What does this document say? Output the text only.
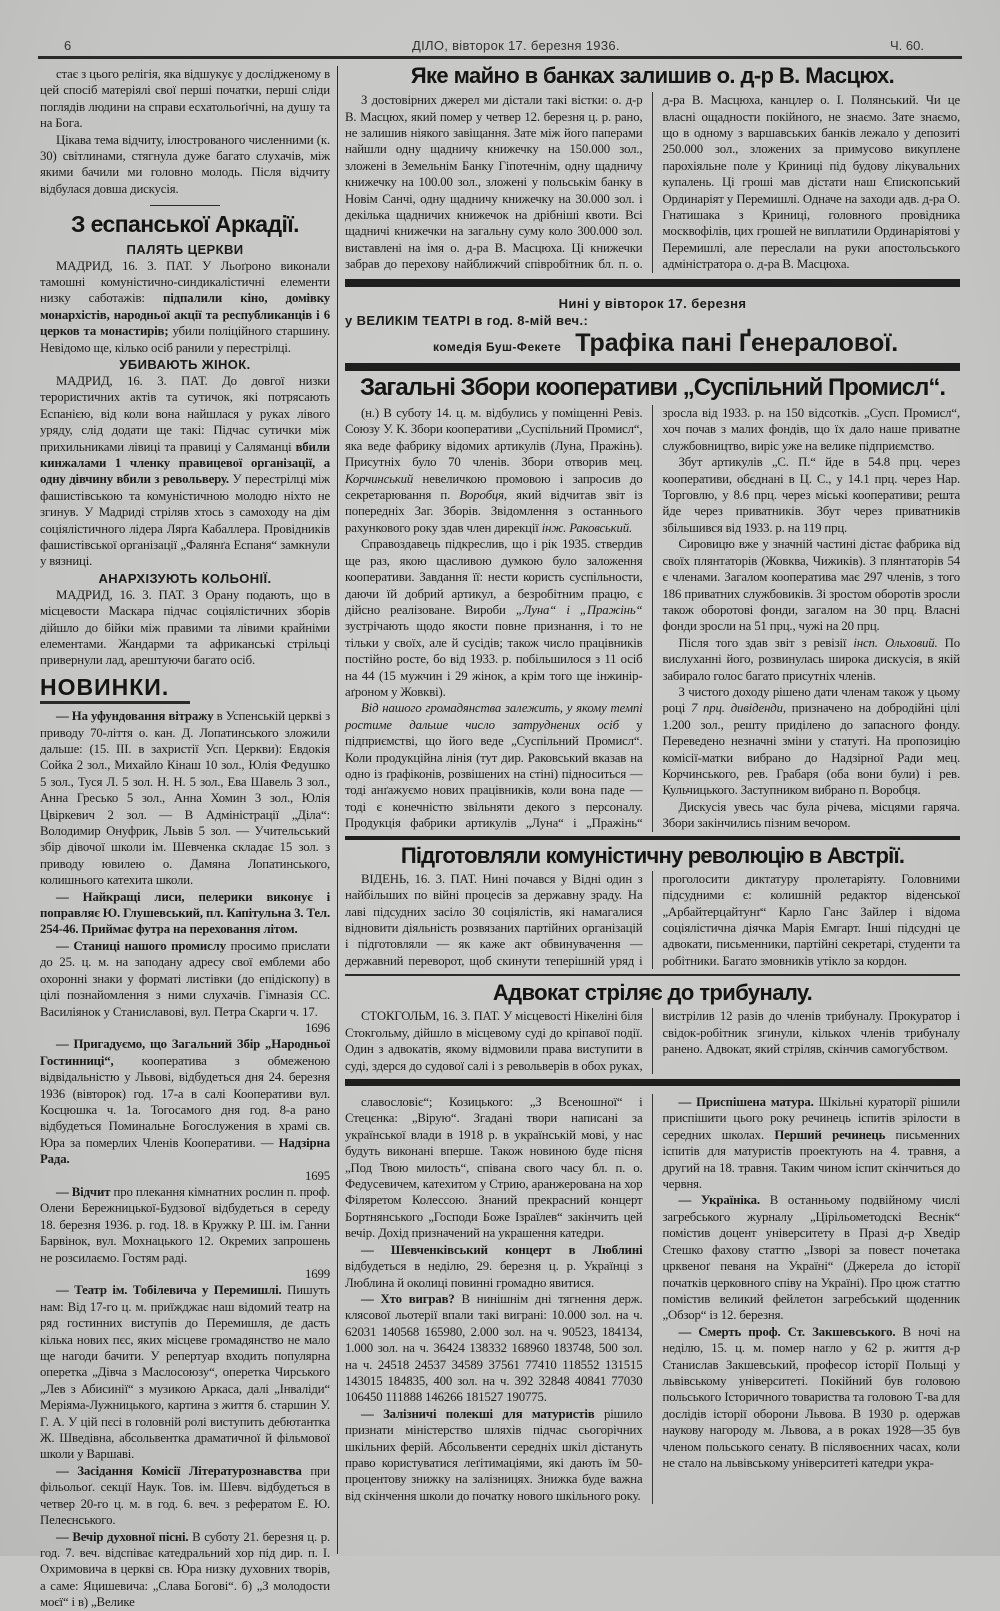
6	ДІЛО, вівторок 17. березня 1936.	Ч. 60.

стає з цього релігія, яка відшукує у дослідженому в цей спосіб матеріялі свої перші початки, перші сліди поглядів людини на справи есхатольоґічні, на душу та на Бога.

Цікава тема відчиту, ілюстрованого численними (к. 30) світлинами, стягнула дуже багато слухачів, між якими бачили ми головно молодь. Після відчиту відбулася довша дискусія.

З еспанської Аркадії.
ПАЛЯТЬ ЦЕРКВИ

МАДРИД, 16. 3. ПАТ. У Льоґроно виконали тамошні комуністично-синдикалістичні елементи низку саботажів: підпалили кіно, домівку монархістів, народньої акції та республиканців і 6 церков та монастирів; убили поліційного старшину. Невідомо ще, кілько осіб ранили у перестрілці.

УБИВАЮТЬ ЖІНОК.

МАДРИД, 16. 3. ПАТ. До довгої низки терористичних актів та сутичок, які потрясають Еспанією, від коли вона найшлася у руках лівого уряду, слід додати ще такі: Підчас сутички між прихильниками лівиці та правиці у Саляманці вбили кинжалами 1 членку правицевої організації, а одну дівчину вбили з револьверу. У перестрілці між фашистівською та комуністичною молодю ніхто не згинув. У Мадриді стріляв хтось з самоходу на дім соціялістичного лідера Лярґа Кабаллера. Провідників фашистівської організації „Фалянґа Еспаня“ замкнули у вязниці.

АНАРХІЗУЮТЬ КОЛЬОНІЇ.

МАДРИД, 16. 3. ПАТ. З Орану подають, що в місцевости Маскара підчас соціялістичних зборів дійшло до бійки між правими та лівими крайніми елементами. Жандарми та африканські стрільці привернули лад, арештуючи багато осіб.

НОВИНКИ.

— На уфундовання вітражу в Успенській церкві з приводу 70-ліття о. кан. Д. Лопатинського зложили дальше: (15. ІІІ. в захристії Усп. Церкви): Евдокія Сойка 2 зол., Михайло Кінаш 10 зол., Юлія Федушко 5 зол., Туся Л. 5 зол. Н. Н. 5 зол., Ева Шавель 3 зол., Анна Гресько 5 зол., Анна Хомин 3 зол., Юлія Цвіркевич 2 зол. — В Адміністрації „Діла“: Володимир Онуфрик, Львів 5 зол. — Учительський збір дівочої школи ім. Шевченка складає 15 зол. з приводу ювилею о. Дамяна Лопатинського, колишнього катехита школи.

— Найкращі лиси, пелерики виконує і поправляє Ю. Глушевський, пл. Капітульна 3. Тел. 254-46. Приймає футра на переховання літом.

— Станиці нашого промислу просимо прислати до 25. ц. м. на заподану адресу свої емблеми або охоронні знаки у форматі листівки (до епідіскопу) в цілі познайомлення з ними слухачів. Гімназія СС. Василіянок у Станиславові, вул. Петра Скарги ч. 17.
1696

— Пригадуємо, що Загальний Збір „Народньої Гостинниці“, кооператива з обмеженою відвідальністю у Львові, відбудеться дня 24. березня 1936 (вівторок) год. 17-а в салі Кооперативи вул. Косцюшка ч. 1а. Тогосамого дня год. 8-а рано відбудеться Поминальне Богослужения в храмі св. Юра за померлих Членів Кооперативи. — Надзірна Рада.
1695

— Відчит про плекання кімнатних рослин п. проф. Олени Бережницької-Будзової відбудеться в середу 18. березня 1936. р. год. 18. в Кружку Р. Ш. ім. Ганни Барвінок, вул. Мохнацького 12. Окремих запрошень не розсилаємо. Гостям раді.
1699

— Театр ім. Тобілевича у Перемишлі. Пишуть нам: Від 17-го ц. м. приїжджає наш відомий театр на ряд гостинних виступів до Перемишля, де дасть кілька нових пєс, яких місцеве громадянство не мало ще нагоди бачити. У репертуар входить популярна оперетка „Дівча з Маслосоюзу“, оперетка Чирського „Лев з Абисинії“ з музикою Аркаса, далі „Інваліди“ Меріяма-Лужницького, картина з життя б. старшин У. Г. А. У цій пєсі в головній ролі виступить дебютантка Ж. Шведівна, абсольвентка драматичної й фільмової школи у Варшаві.

— Засідання Комісії Літературознавства при фільольоґ. секції Наук. Тов. ім. Шевч. відбудеться в четвер 20-го ц. м. в год. 6. веч. з рефератом Е. Ю. Пелеєнського.

— Вечір духовної пісні. В суботу 21. березня ц. р. год. 7. веч. відспіває катедральний хор під дир. п. І. Охримовича в церкві св. Юра низку духовних творів, а саме: Яцишевича: „Слава Богові“. б) „З молодости моєї“ і в) „Велике

Яке майно в банках залишив о. д-р В. Масцюх.

З достовірних джерел ми дістали такі вістки: о. д-р В. Масцюх, який помер у четвер 12. березня ц. р. рано, не залишив ніякого завіщання. Зате між його паперами найшли одну щадничу книжечку на 150.000 зол., зложені в Земельнім Банку Гіпотечнім, одну щадничу книжечку на 100.00 зол., зложені у польськім банку в Новім Санчі, одну щадничу книжечку на 30.000 зол. і декілька щадничих книжечок на дрібніші квоти. Всі щадничі книжечки на загальну суму коло 300.000 зол. виставлені на імя о. д-ра В. Масцюха. Ці книжечки забрав до перехову найближчий співробітник бл. п. о. д-ра В. Масцюха, канцлер о. І. Полянський. Чи це власні ощадности покійного, не знаємо. Зате знаємо, що в одному з варшавських банків лежало у депозиті 250.000 зол., зложених за примусово викуплене парохіяльне поле у Криниці під будову лікувальних купалень. Ці гроші мав дістати наш Єпископський Ординаріят у Перемишлі. Одначе на заходи адв. д-ра О. Гнатишака з Криниці, головного провідника москвофілів, цих грошей не виплатили Ординаріятові у Перемишлі, але переслали на руки апостольського адміністратора о. д-ра В. Масцюха.

Нині у вівторок 17. березня
у ВЕЛИКІМ ТЕАТРІ в год. 8-мій веч.:
комедія Буш-Фекете Трафіка пані Ґенералової.
Загальні Збори кооперативи „Суспільний Промисл“.

(н.) В суботу 14. ц. м. відбулись у поміщенні Ревіз. Союзу У. К. Збори кооперативи „Суспільний Промисл“, яка веде фабрику відомих артикулів (Луна, Пражінь). Присутніх було 70 членів. Збори отворив мец. Корчинський невеличкою промовою і запросив до секретарювання п. Воробця, який відчитав звіт із попередніх Заг. Зборів. Звідомлення з останнього рахункового року здав член дирекції інж. Раковський.

Справоздавець підкреслив, що і рік 1935. ствердив ще раз, якою щасливою думкою було заложення кооперативи. Завдання її: нести користь суспільности, даючи їй добрий артикул, а безробітним працю, є дійсно реалізоване. Вироби „Луна“ і „Пражінь“ зустрічають щодо якости повне признання, і то не тільки у своїх, але й сусідів; також число працівників постійно росте, бо від 1933. р. побільшилося з 11 осіб на 44 (15 мужчин і 29 жінок, а крім того ще інжинір-аґроном у Жовкві).

Від нашого громадянства залежить, у якому темпі ростиме дальше число затруднених осіб у підприємстві, що його веде „Суспільний Промисл“. Коли продукційна лінія (тут дир. Раковський вказав на одно із ґрафіконів, розвішених на стіні) підноситься — тоді анґажуємо нових працівників, коли вона паде — тоді є конечністю звільняти декого з персоналу. Продукція фабрики артикулів „Луна“ і „Пражінь“ зросла від 1933. р. на 150 відсотків. „Сусп. Промисл“, хоч почав з малих фондів, що їх дало наше приватне службовництво, виріс уже на велике підприємство.

Збут артикулів „С. П.“ йде в 54.8 прц. через кооперативи, обєднані в Ц. С., у 14.1 прц. через Нар. Торговлю, у 8.6 прц. через міські кооперативи; решта йде через приватників. Збут через приватників збільшився від 1933. р. на 119 прц.

Сировицю вже у значній частині дістає фабрика від своїх плянтаторів (Жовква, Чижиків). З плянтаторів 54 є членами. Загалом кооператива має 297 членів, з того 186 приватних службовиків. Зі зростом оборотів зросли також оборотові фонди, загалом на 30 прц. Власні фонди зросли на 51 прц., чужі на 20 прц.

Після того здав звіт з ревізії інсп. Ольховий. По вислуханні його, розвинулась широка дискусія, в якій забирало голос багато присутніх членів.

З чистого доходу рішено дати членам також у цьому році 7 прц. дивіденди, призначено на добродійні цілі 1.200 зол., решту приділено до запасного фонду. Переведено незначні зміни у статуті. На пропозицію комісії-матки вибрано до Надзірної Ради мец. Корчинського, рев. Грабаря (оба вони були) і рев. Кульчицького. Заступником вибрано п. Воробця.

Дискусія увесь час була річева, місцями гаряча. Збори закінчились пізним вечором.

Підготовляли комуністичну революцію в Австрії.

ВІДЕНЬ, 16. 3. ПАТ. Нині почався у Відні один з найбільших по війні процесів за державну зраду. На лаві підсудних засіло 30 соціялістів, які намагалися відновити діяльність розвязаних партійних організацій і підготовляли — як каже акт обвинувачення — державний переворот, щоб скинути теперішній уряд і проголосити диктатуру пролетаріяту. Головними підсудними є: колишній редактор віденської „Арбайтерцайтунґ“ Карло Ганс Зайлер і відома соціялістична діячка Марія Емгарт. Інші підсудні це адвокати, письменники, партійні секретарі, студенти та робітники. Багато змовників утікло за кордон.

Адвокат стріляє до трибуналу.

СТОКГОЛЬМ, 16. 3. ПАТ. У місцевості Нікеліні біля Стокгольму, дійшло в місцевому суді до кріпавої події. Один з адвокатів, якому відмовили права виступити в суді, здерся до судової салі і з револьверів в обох руках, вистрілив 12 разів до членів трибуналу. Прокуратор і свідок-робітник згинули, кількох членів трибуналу ранено. Адвокат, який стріляв, скінчив самогубством.

славословіє“; Козицького: „З Всеношної“ і Стецєнка: „Вірую“. Згадані твори написані за української влади в 1918 р. в українській мові, у нас будуть виконані вперше. Також новиною буде пісня „Под Твою милость“, співана свого часу бл. п. о. Федусевичем, катехитом у Стрию, аранжерована на хор Філяретом Колессою. Знаний прекрасний концерт Бортнянського „Господи Боже Ізраїлев“ закінчить цей вечір. Дохід призначений на украшення катедри.

— Шевченківський концерт в Люблині відбудеться в неділю, 29. березня ц. р. Українці з Люблина й околиці повинні громадно явитися.

— Хто виграв? В нинішнім дні тягнення держ. клясової льотерії впали такі виграні: 10.000 зол. на ч. 62031 140568 165980, 2.000 зол. на ч. 90523, 184134, 1.000 зол. на ч. 36424 138332 168960 183748, 500 зол. на ч. 24518 24537 34589 37561 77410 118552 131515 143015 184835, 400 зол. на ч. 392 32848 40841 77030 106450 111888 146266 181527 190775.

— Залізничі полекші для матуристів рішило признати міністерство шляхів підчас сьогорічних шкільних ферій. Абсольвенти середніх шкіл дістануть право користуватися леґітимаціями, які дають їм 50-процентову знижку на залізницях. Знижка буде важна від скінчення школи до початку нового шкільного року.

— Приспішена матура. Шкільні кураторії рішили приспішити цього року речинець іспитів зрілости в середних школах. Перший речинець письменних іспитів для матуристів проектують на 4. травня, а другий на 18. травня. Таким чином іспит скінчиться до червня.

— Україніка. В останньому подвійному числі загребського журналу „Цірільометодскі Веснік“ помістив доцент університету в Празі д-р Хведір Стешко фахову статтю „Ізворі за повест почетака црквеноґ певаня на Україні“ (Джерела до історії початків церковного співу на Україні). Про цюж статтю помістив великий фейлетон загребський щоденник „Обзор“ із 12. березня.

— Смерть проф. Ст. Закшевського. В ночі на неділю, 15. ц. м. помер нагло у 62 р. життя д-р Станислав Закшевський, професор історії Польщі у львівському університеті. Покійний був головою польського Історичного товариства та головою Т-ва для дослідів історії оборони Львова. В 1930 р. одержав наукову нагороду м. Львова, а в роках 1928—35 був членом польського сенату. В післявоєнних часах, коли не стало на львівському університеті катедри укра-
